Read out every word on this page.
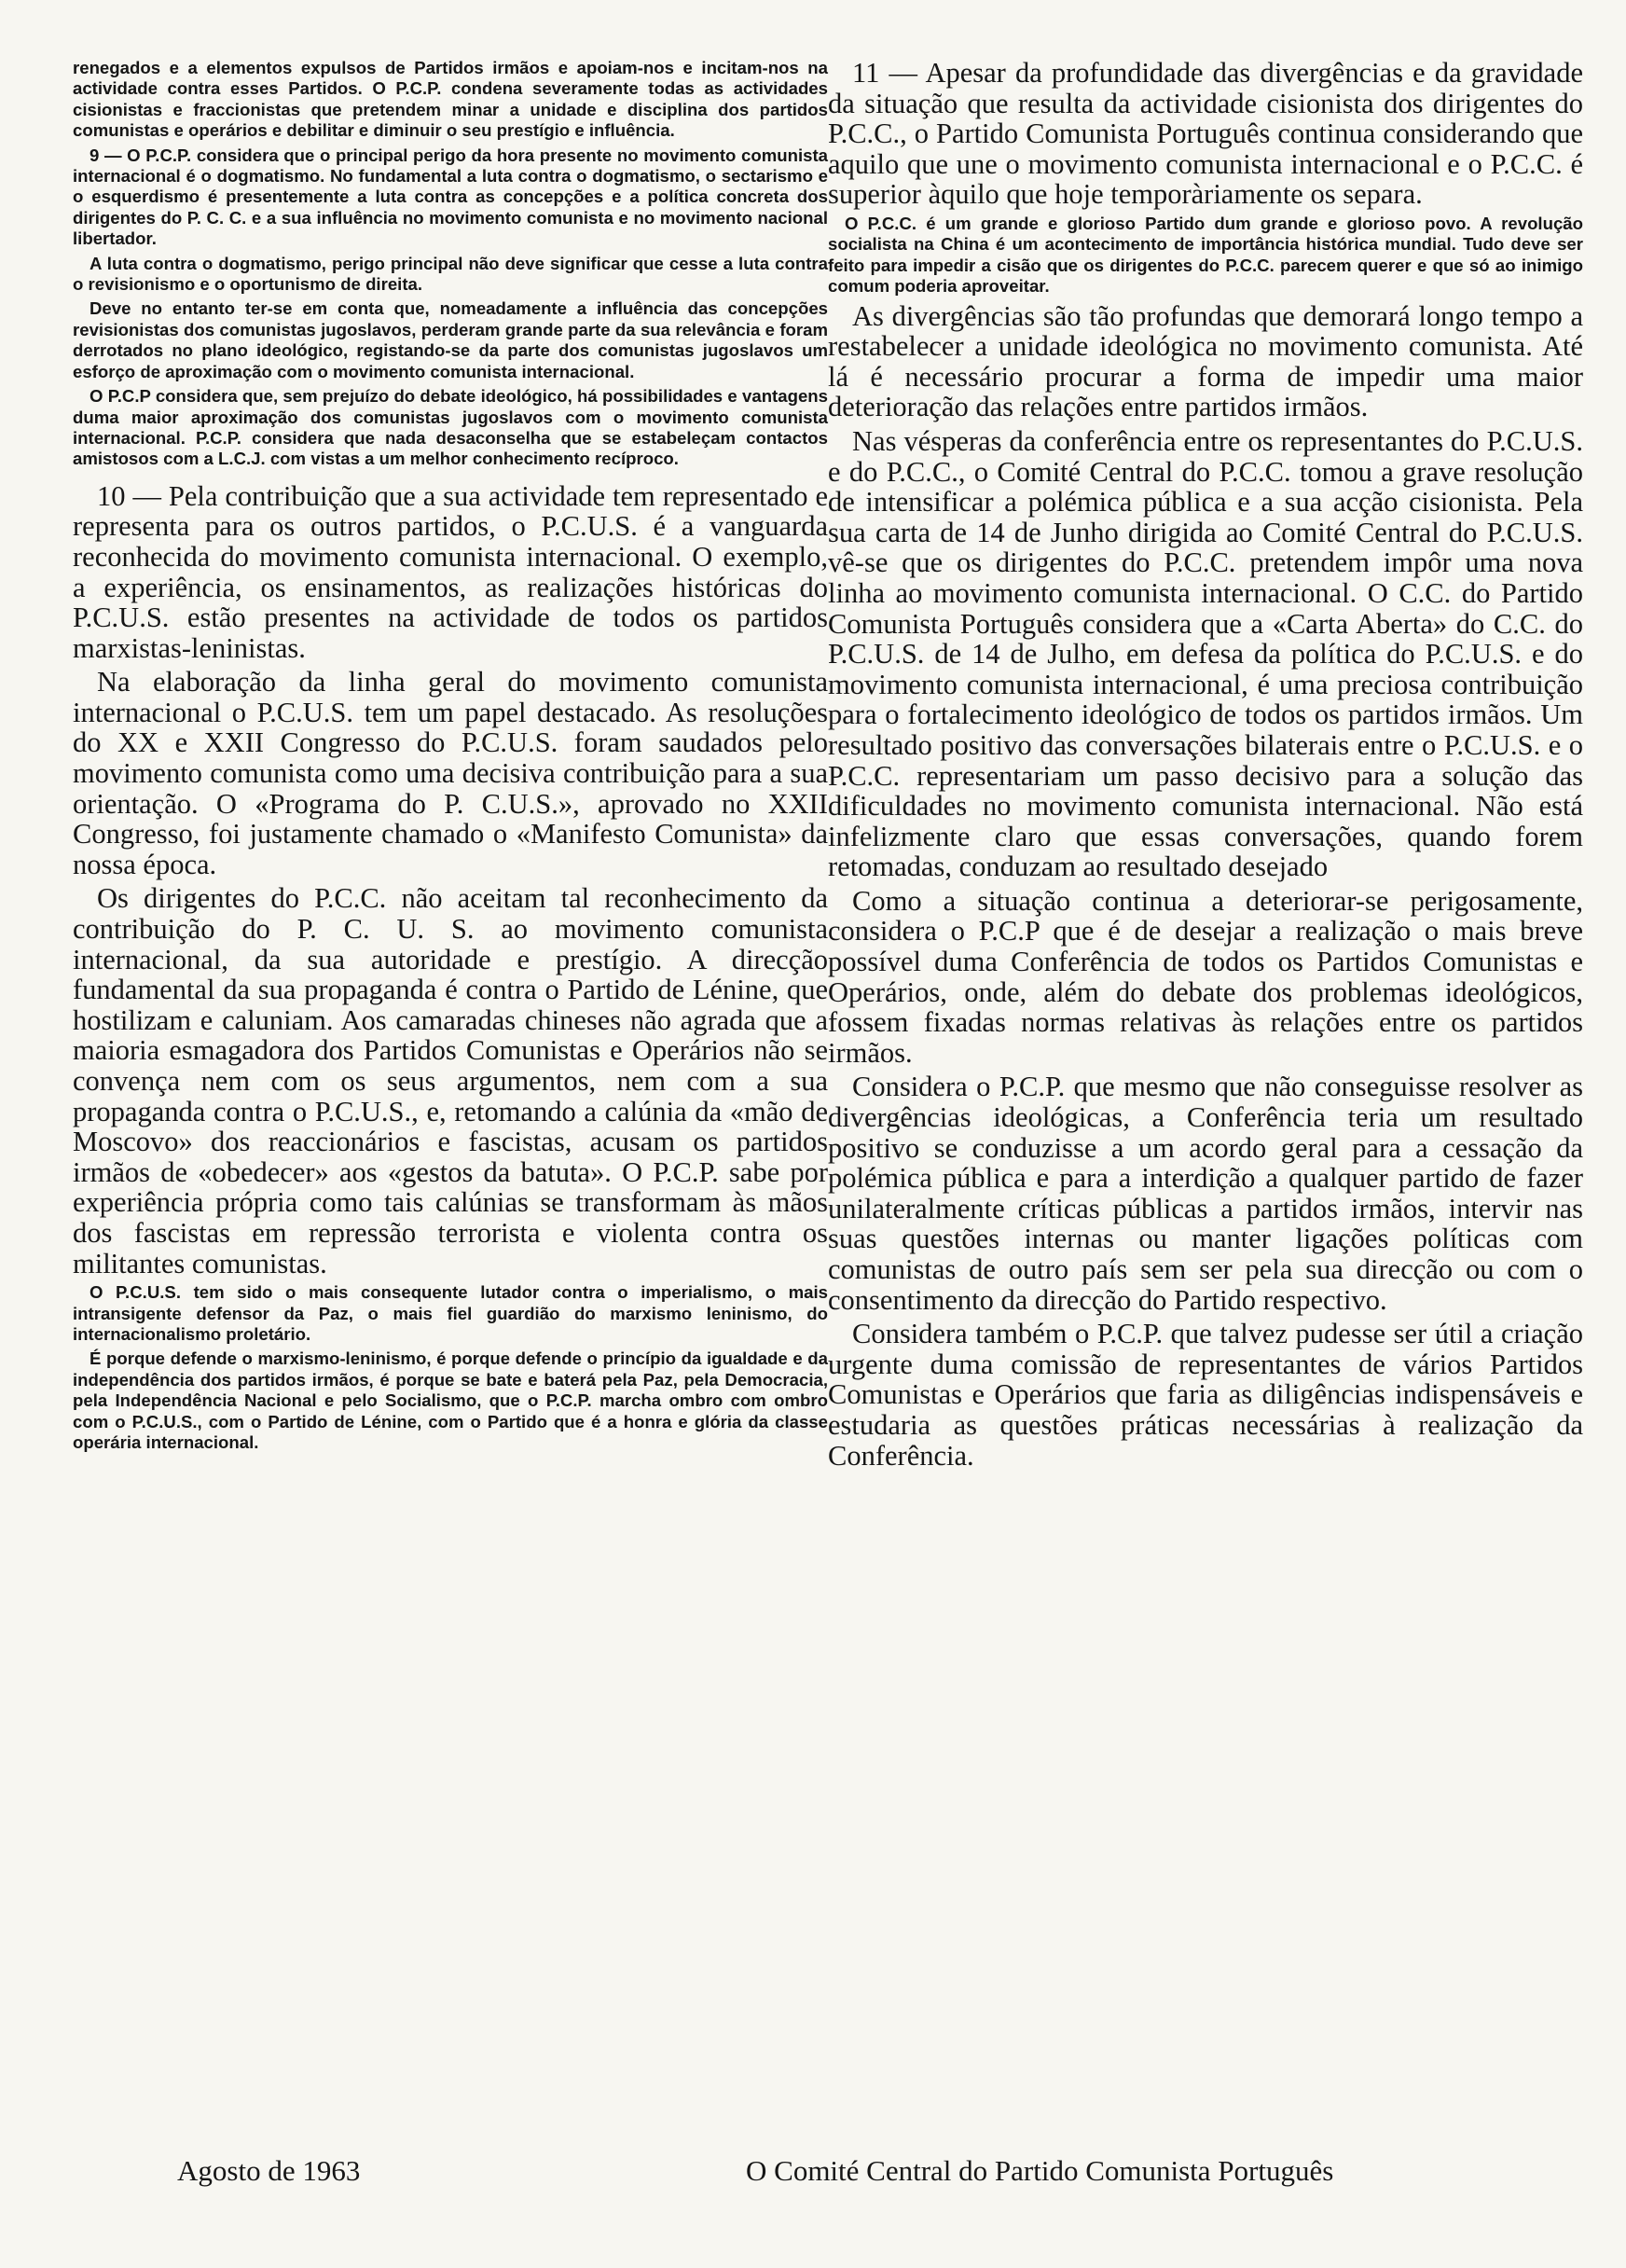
renegados e a elementos expulsos de Partidos irmãos e apoiam-nos e incitam-nos na actividade contra esses Partidos. O P.C.P. condena severamente todas as actividades cisionistas e fraccionistas que pretendem minar a unidade e disciplina dos partidos comunistas e operários e debilitar e diminuir o seu prestígio e influência.

9 — O P.C.P. considera que o principal perigo da hora presente no movimento comunista internacional é o dogmatismo. No fundamental a luta contra o dogmatismo, o sectarismo e o esquerdismo é presentemente a luta contra as concepções e a política concreta dos dirigentes do P. C. C. e a sua influência no movimento comunista e no movimento nacional libertador.

A luta contra o dogmatismo, perigo principal não deve significar que cesse a luta contra o revisionismo e o oportunismo de direita.

Deve no entanto ter-se em conta que, nomeadamente a influência das concepções revisionistas dos comunistas jugoslavos, perderam grande parte da sua relevância e foram derrotados no plano ideológico, registando-se da parte dos comunistas jugoslavos um esforço de aproximação com o movimento comunista internacional.

O P.C.P considera que, sem prejuízo do debate ideológico, há possibilidades e vantagens duma maior aproximação dos comunistas jugoslavos com o movimento comunista internacional. P.C.P. considera que nada desaconselha que se estabeleçam contactos amistosos com a L.C.J. com vistas a um melhor conhecimento recíproco.

10 — Pela contribuição que a sua actividade tem representado e representa para os outros partidos, o P.C.U.S. é a vanguarda reconhecida do movimento comunista internacional. O exemplo, a experiência, os ensinamentos, as realizações históricas do P.C.U.S. estão presentes na actividade de todos os partidos marxistas-leninistas.

Na elaboração da linha geral do movimento comunista internacional o P.C.U.S. tem um papel destacado. As resoluções do XX e XXII Congresso do P.C.U.S. foram saudados pelo movimento comunista como uma decisiva contribuição para a sua orientação. O «Programa do P. C.U.S.», aprovado no XXII Congresso, foi justamente chamado o «Manifesto Comunista» da nossa época.

Os dirigentes do P.C.C. não aceitam tal reconhecimento da contribuição do P. C. U. S. ao movimento comunista internacional, da sua autoridade e prestígio. A direcção fundamental da sua propaganda é contra o Partido de Lénine, que hostilizam e caluniam. Aos camaradas chineses não agrada que a maioria esmagadora dos Partidos Comunistas e Operários não se convença nem com os seus argumentos, nem com a sua propaganda contra o P.C.U.S., e, retomando a calúnia da «mão de Moscovo» dos reaccionários e fascistas, acusam os partidos irmãos de «obedecer» aos «gestos da batuta». O P.C.P. sabe por experiência própria como tais calúnias se transformam às mãos dos fascistas em repressão terrorista e violenta contra os militantes comunistas.

O P.C.U.S. tem sido o mais consequente lutador contra o imperialismo, o mais intransigente defensor da Paz, o mais fiel guardião do marxismo leninismo, do internacionalismo proletário.

É porque defende o marxismo-leninismo, é porque defende o princípio da igualdade e da independência dos partidos irmãos, é porque se bate e baterá pela Paz, pela Democracia, pela Independência Nacional e pelo Socialismo, que o P.C.P. marcha ombro com ombro com o P.C.U.S., com o Partido de Lénine, com o Partido que é a honra e glória da classe operária internacional.

11 — Apesar da profundidade das divergências e da gravidade da situação que resulta da actividade cisionista dos dirigentes do P.C.C., o Partido Comunista Português continua considerando que aquilo que une o movimento comunista internacional e o P.C.C. é superior àquilo que hoje temporàriamente os separa.

O P.C.C. é um grande e glorioso Partido dum grande e glorioso povo. A revolução socialista na China é um acontecimento de importância histórica mundial. Tudo deve ser feito para impedir a cisão que os dirigentes do P.C.C. parecem querer e que só ao inimigo comum poderia aproveitar.

As divergências são tão profundas que demorará longo tempo a restabelecer a unidade ideológica no movimento comunista. Até lá é necessário procurar a forma de impedir uma maior deterioração das relações entre partidos irmãos.

Nas vésperas da conferência entre os representantes do P.C.U.S. e do P.C.C., o Comité Central do P.C.C. tomou a grave resolução de intensificar a polémica pública e a sua acção cisionista. Pela sua carta de 14 de Junho dirigida ao Comité Central do P.C.U.S. vê-se que os dirigentes do P.C.C. pretendem impôr uma nova linha ao movimento comunista internacional. O C.C. do Partido Comunista Português considera que a «Carta Aberta» do C.C. do P.C.U.S. de 14 de Julho, em defesa da política do P.C.U.S. e do movimento comunista internacional, é uma preciosa contribuição para o fortalecimento ideológico de todos os partidos irmãos. Um resultado positivo das conversações bilaterais entre o P.C.U.S. e o P.C.C. representariam um passo decisivo para a solução das dificuldades no movimento comunista internacional. Não está infelizmente claro que essas conversações, quando forem retomadas, conduzam ao resultado desejado

Como a situação continua a deteriorar-se perigosamente, considera o P.C.P que é de desejar a realização o mais breve possível duma Conferência de todos os Partidos Comunistas e Operários, onde, além do debate dos problemas ideológicos, fossem fixadas normas relativas às relações entre os partidos irmãos.

Considera o P.C.P. que mesmo que não conseguisse resolver as divergências ideológicas, a Conferência teria um resultado positivo se conduzisse a um acordo geral para a cessação da polémica pública e para a interdição a qualquer partido de fazer unilateralmente críticas públicas a partidos irmãos, intervir nas suas questões internas ou manter ligações políticas com comunistas de outro país sem ser pela sua direcção ou com o consentimento da direcção do Partido respectivo.

Considera também o P.C.P. que talvez pudesse ser útil a criação urgente duma comissão de representantes de vários Partidos Comunistas e Operários que faria as diligências indispensáveis e estudaria as questões práticas necessárias à realização da Conferência.

Agosto de 1963	O Comité Central do Partido Comunista Português
